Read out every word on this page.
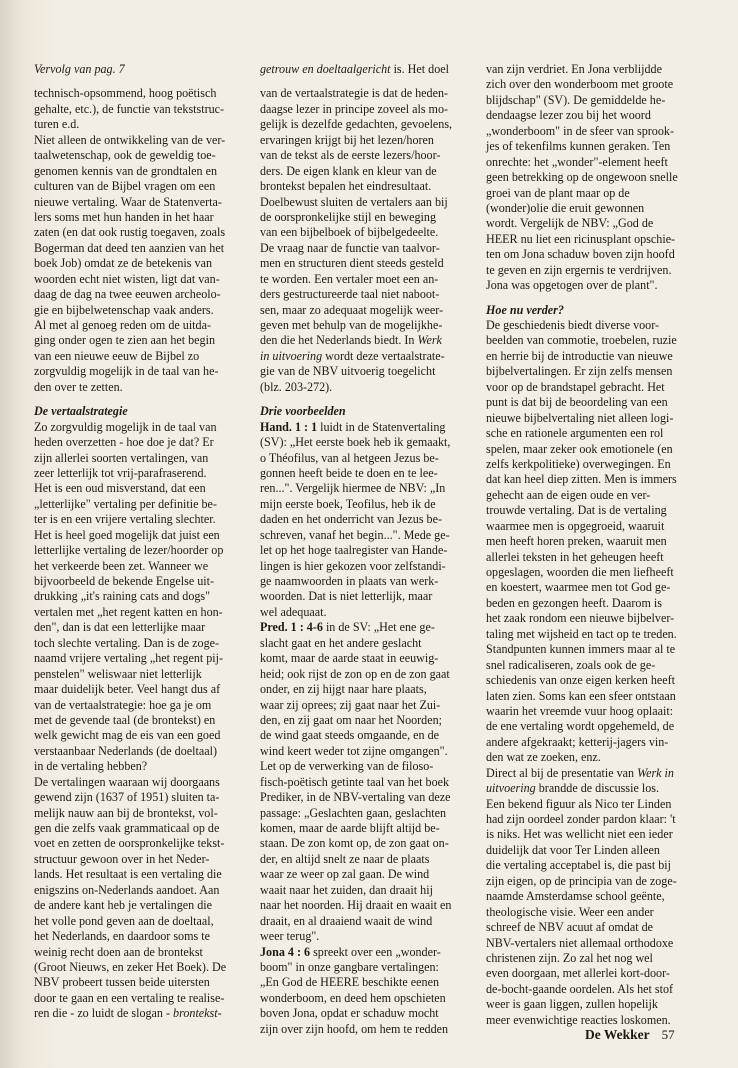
Vervolg van pag. 7
technisch-opsommend, hoog poëtisch
gehalte, etc.), de functie van tekststruc-
turen e.d.
Niet alleen de ontwikkeling van de ver-
taalwetenschap, ook de geweldig toe-
genomen kennis van de grondtalen en
culturen van de Bijbel vragen om een
nieuwe vertaling. Waar de Statenverta-
lers soms met hun handen in het haar
zaten (en dat ook rustig toegaven, zoals
Bogerman dat deed ten aanzien van het
boek Job) omdat ze de betekenis van
woorden echt niet wisten, ligt dat van-
daag de dag na twee eeuwen archeolo-
gie en bijbelwetenschap vaak anders.
Al met al genoeg reden om de uitda-
ging onder ogen te zien aan het begin
van een nieuwe eeuw de Bijbel zo
zorgvuldig mogelijk in de taal van he-
den over te zetten.
De vertaalstrategie
Zo zorgvuldig mogelijk in de taal van
heden overzetten - hoe doe je dat? Er
zijn allerlei soorten vertalingen, van
zeer letterlijk tot vrij-parafraserend.
Het is een oud misverstand, dat een
„letterlijke" vertaling per definitie be-
ter is en een vrijere vertaling slechter.
Het is heel goed mogelijk dat juist een
letterlijke vertaling de lezer/hoorder op
het verkeerde been zet. Wanneer we
bijvoorbeeld de bekende Engelse uit-
drukking „it's raining cats and dogs"
vertalen met „het regent katten en hon-
den", dan is dat een letterlijke maar
toch slechte vertaling. Dan is de zoge-
naamd vrijere vertaling „het regent pij-
penstelen" weliswaar niet letterlijk
maar duidelijk beter. Veel hangt dus af
van de vertaalstrategie: hoe ga je om
met de gevende taal (de brontekst) en
welk gewicht mag de eis van een goed
verstaanbaar Nederlands (de doeltaal)
in de vertaling hebben?
De vertalingen waaraan wij doorgaans
gewend zijn (1637 of 1951) sluiten ta-
melijk nauw aan bij de brontekst, vol-
gen die zelfs vaak grammaticaal op de
voet en zetten de oorspronkelijke tekst-
structuur gewoon over in het Neder-
lands. Het resultaat is een vertaling die
enigszins on-Nederlands aandoet. Aan
de andere kant heb je vertalingen die
het volle pond geven aan de doeltaal,
het Nederlands, en daardoor soms te
weinig recht doen aan de brontekst
(Groot Nieuws, en zeker Het Boek). De
NBV probeert tussen beide uitersten
door te gaan en een vertaling te realise-
ren die - zo luidt de slogan - brontekst-
getrouw en doeltaalgericht is. Het doel
van de vertaalstrategie is dat de heden-
daagse lezer in principe zoveel als mo-
gelijk is dezelfde gedachten, gevoelens,
ervaringen krijgt bij het lezen/horen
van de tekst als de eerste lezers/hoor-
ders. De eigen klank en kleur van de
brontekst bepalen het eindresultaat.
Doelbewust sluiten de vertalers aan bij
de oorspronkelijke stijl en beweging
van een bijbelboek of bijbelgedeelte.
De vraag naar de functie van taalvor-
men en structuren dient steeds gesteld
te worden. Een vertaler moet een an-
ders gestructureerde taal niet naboot-
sen, maar zo adequaat mogelijk weer-
geven met behulp van de mogelijkhe-
den die het Nederlands biedt. In Werk
in uitvoering wordt deze vertaalstrate-
gie van de NBV uitvoerig toegelicht
(blz. 203-272).
Drie voorbeelden
Hand. 1 : 1 luidt in de Statenvertaling
(SV): „Het eerste boek heb ik gemaakt,
o Théofilus, van al hetgeen Jezus be-
gonnen heeft beide te doen en te lee-
ren...". Vergelijk hiermee de NBV: „In
mijn eerste boek, Teofilus, heb ik de
daden en het onderricht van Jezus be-
schreven, vanaf het begin...". Mede ge-
let op het hoge taalregister van Hande-
lingen is hier gekozen voor zelfstandi-
ge naamwoorden in plaats van werk-
woorden. Dat is niet letterlijk, maar
wel adequaat.
Pred. 1 : 4-6 in de SV: „Het ene ge-
slacht gaat en het andere geslacht
komt, maar de aarde staat in eeuwig-
heid; ook rijst de zon op en de zon gaat
onder, en zij hijgt naar hare plaats,
waar zij oprees; zij gaat naar het Zui-
den, en zij gaat om naar het Noorden;
de wind gaat steeds omgaande, en de
wind keert weder tot zijne omgangen".
Let op de verwerking van de filoso-
fisch-poëtisch getinte taal van het boek
Prediker, in de NBV-vertaling van deze
passage: „Geslachten gaan, geslachten
komen, maar de aarde blijft altijd be-
staan. De zon komt op, de zon gaat on-
der, en altijd snelt ze naar de plaats
waar ze weer op zal gaan. De wind
waait naar het zuiden, dan draait hij
naar het noorden. Hij draait en waait en
draait, en al draaiend waait de wind
weer terug".
Jona 4 : 6 spreekt over een „wonder-
boom" in onze gangbare vertalingen:
„En God de HEERE beschikte eenen
wonderboom, en deed hem opschieten
boven Jona, opdat er schaduw mocht
zijn over zijn hoofd, om hem te redden
van zijn verdriet. En Jona verblijdde
zich over den wonderboom met groote
blijdschap" (SV). De gemiddelde he-
dendaagse lezer zou bij het woord
„wonderboom" in de sfeer van sprook-
jes of tekenfilms kunnen geraken. Ten
onrechte: het „wonder"-element heeft
geen betrekking op de ongewoon snelle
groei van de plant maar op de
(wonder)olie die eruit gewonnen
wordt. Vergelijk de NBV: „God de
HEER nu liet een ricinusplant opschie-
ten om Jona schaduw boven zijn hoofd
te geven en zijn ergernis te verdrijven.
Jona was opgetogen over de plant".
Hoe nu verder?
De geschiedenis biedt diverse voor-
beelden van commotie, troebelen, ruzie
en herrie bij de introductie van nieuwe
bijbelvertalingen. Er zijn zelfs mensen
voor op de brandstapel gebracht. Het
punt is dat bij de beoordeling van een
nieuwe bijbelvertaling niet alleen logi-
sche en rationele argumenten een rol
spelen, maar zeker ook emotionele (en
zelfs kerkpolitieke) overwegingen. En
dat kan heel diep zitten. Men is immers
gehecht aan de eigen oude en ver-
trouwde vertaling. Dat is de vertaling
waarmee men is opgegroeid, waaruit
men heeft horen preken, waaruit men
allerlei teksten in het geheugen heeft
opgeslagen, woorden die men liefheeft
en koestert, waarmee men tot God ge-
beden en gezongen heeft. Daarom is
het zaak rondom een nieuwe bijbelver-
taling met wijsheid en tact op te treden.
Standpunten kunnen immers maar al te
snel radicaliseren, zoals ook de ge-
schiedenis van onze eigen kerken heeft
laten zien. Soms kan een sfeer ontstaan
waarin het vreemde vuur hoog oplaait:
de ene vertaling wordt opgehemeld, de
andere afgekraakt; ketterij-jagers vin-
den wat ze zoeken, enz.
Direct al bij de presentatie van Werk in
uitvoering brandde de discussie los.
Een bekend figuur als Nico ter Linden
had zijn oordeel zonder pardon klaar: 't
is niks. Het was wellicht niet een ieder
duidelijk dat voor Ter Linden alleen
die vertaling acceptabel is, die past bij
zijn eigen, op de principia van de zoge-
naamde Amsterdamse school geënte,
theologische visie. Weer een ander
schreef de NBV acuut af omdat de
NBV-vertalers niet allemaal orthodoxe
christenen zijn. Zo zal het nog wel
even doorgaan, met allerlei kort-door-
de-bocht-gaande oordelen. Als het stof
weer is gaan liggen, zullen hopelijk
meer evenwichtige reacties loskomen.
De Wekker 57
